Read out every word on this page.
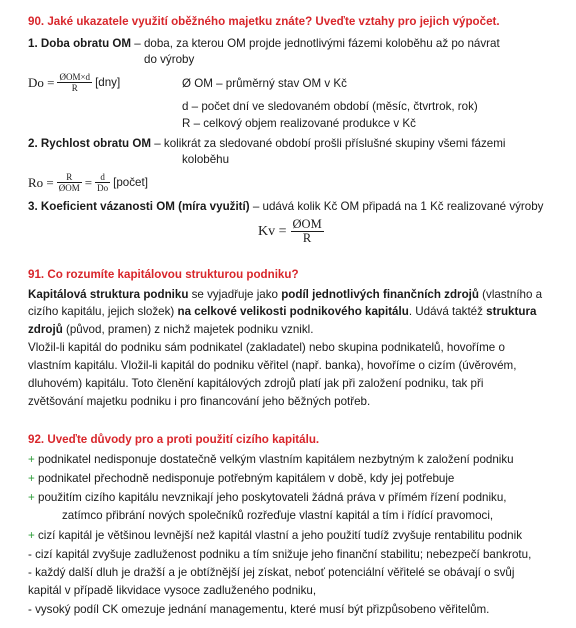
90. Jaké ukazatele využití oběžného majetku znáte? Uveďte vztahy pro jejich výpočet.
1. Doba obratu OM – doba, za kterou OM projde jednotlivými fázemi koloběhu až po návrat
do výroby
$Do = \frac{\text{ØOM×d}}{R} [dny]$	Ø OM – průměrný stav OM v Kč
d – počet dní ve sledovaném období (měsíc, čtvrtrok, rok)
R – celkový objem realizované produkce v Kč
2. Rychlost obratu OM – kolikrát za sledované období prošli příslušné skupiny všemi fázemi
koloběhu
$Ro = \frac{R}{\text{ØOM}} = \frac{d}{Do}$ [počet]
3. Koeficient vázanosti OM (míra využití) – udává kolik Kč OM připadá na 1 Kč realizované výroby
$Kv = \frac{\text{ØOM}}{R}$
91. Co rozumíte kapitálovou strukturou podniku?
Kapitálová struktura podniku se vyjadřuje jako podíl jednotlivých finančních zdrojů (vlastního a
cizího kapitálu, jejich složek) na celkové velikosti podnikového kapitálu. Udává taktéž struktura
zdrojů (původ, pramen) z nichž majetek podniku vznikl.
Vložil-li kapitál do podniku sám podnikatel (zakladatel) nebo skupina podnikatelů, hovoříme o
vlastním kapitálu. Vložil-li kapitál do podniku věřitel (např. banka), hovoříme o cizím (úvěrovém,
dluhovém) kapitálu. Toto členění kapitálových zdrojů platí jak při založení podniku, tak při
zvětšování majetku podniku i pro financování jeho běžných potřeb.
92. Uveďte důvody pro a proti použití cizího kapitálu.
+ podnikatel nedisponuje dostatečně velkým vlastním kapitálem nezbytným k založení podniku
+ podnikatel přechodně nedisponuje potřebným kapitálem v době, kdy jej potřebuje
+ použitím cizího kapitálu nevznikají jeho poskytovateli žádná práva v přímém řízení podniku,
zatímco přibrání nových společníků rozřeďuje vlastní kapitál a tím i řídící pravomoci,
+ cizí kapitál je většinou levnější než kapitál vlastní a jeho použití tudíž zvyšuje rentabilitu podnik
- cizí kapitál zvyšuje zadluženost podniku a tím snižuje jeho finanční stabilitu; nebezpečí bankrotu,
- každý další dluh je dražší a je obtížnější jej získat, neboť potenciální věřitelé se obávají o svůj
kapitál v případě likvidace vysoce zadluženého podniku,
- vysoký podíl CK omezuje jednání managementu, které musí být přizpůsobeno věřitelům.
